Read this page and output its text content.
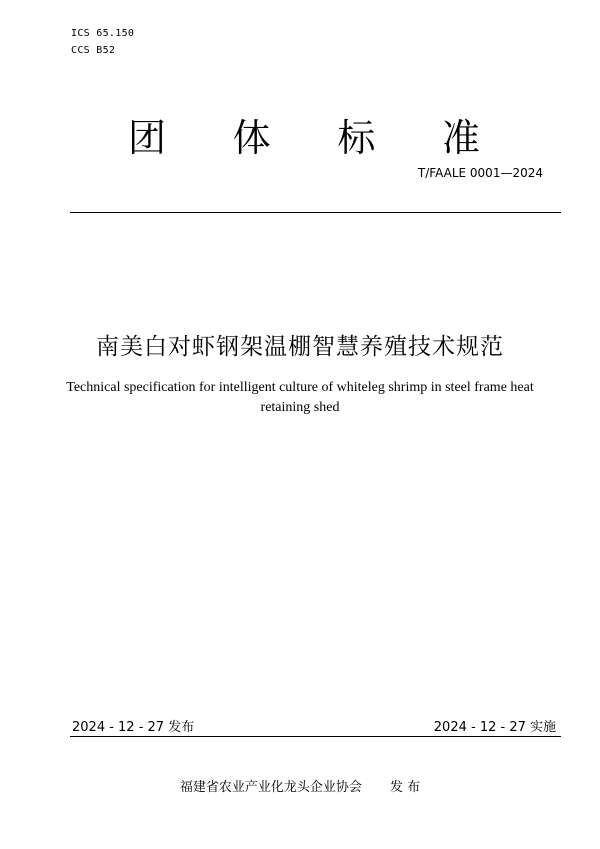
ICS 65.150
CCS B52
团 体 标 准
T/FAALE 0001—2024
南美白对虾钢架温棚智慧养殖技术规范
Technical specification for intelligent culture of whiteleg shrimp in steel frame heat
retaining shed
2024 - 12 - 27 发布	2024 - 12 - 27 实施
福建省农业产业化龙头企业协会 发 布
